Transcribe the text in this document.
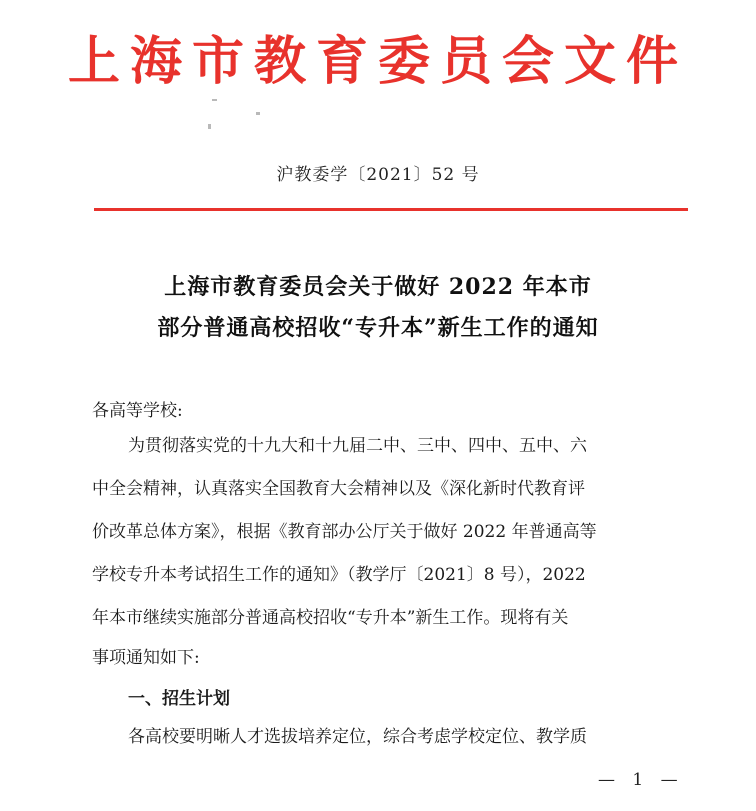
上海市教育委员会文件
沪教委学〔2021〕52 号
上海市教育委员会关于做好 2022 年本市
部分普通高校招收“专升本”新生工作的通知
各高等学校:
为贯彻落实党的十九大和十九届二中、三中、四中、五中、六
中全会精神，认真落实全国教育大会精神以及《深化新时代教育评
价改革总体方案》，根据《教育部办公厅关于做好 2022 年普通高等
学校专升本考试招生工作的通知》（教学厅〔2021〕8 号），2022
年本市继续实施部分普通高校招收“专升本”新生工作。现将有关
事项通知如下:
一、招生计划
各高校要明晰人才选拔培养定位，综合考虑学校定位、教学质
— 1 —
